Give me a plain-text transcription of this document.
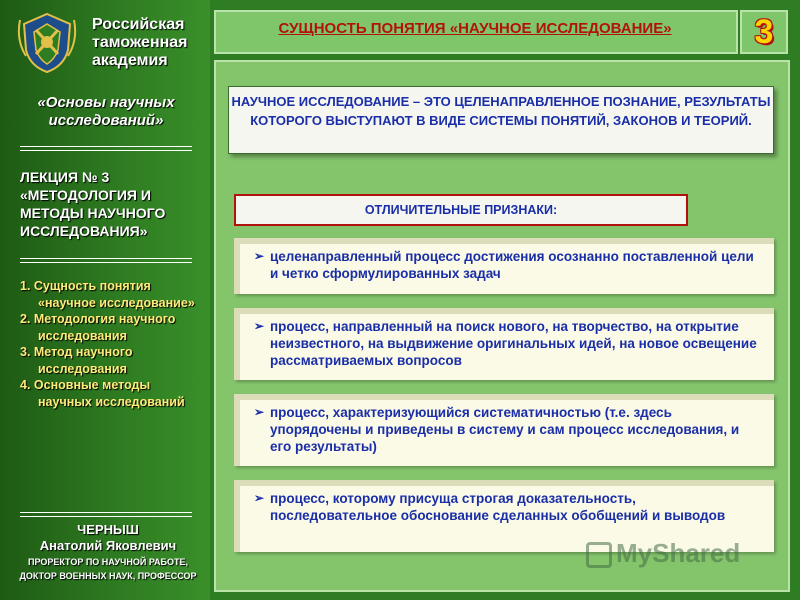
Российская таможенная академия
«Основы научных исследований»
ЛЕКЦИЯ № 3 «МЕТОДОЛОГИЯ И МЕТОДЫ НАУЧНОГО ИССЛЕДОВАНИЯ»
1. Сущность понятия «научное исследование»
2. Методология научного исследования
3. Метод научного исследования
4. Основные методы научных исследований
ЧЕРНЫШ
Анатолий Яковлевич
ПРОРЕКТОР ПО НАУЧНОЙ РАБОТЕ,
ДОКТОР ВОЕННЫХ НАУК, ПРОФЕССОР
СУЩНОСТЬ ПОНЯТИЯ «НАУЧНОЕ ИССЛЕДОВАНИЕ»	3
НАУЧНОЕ ИССЛЕДОВАНИЕ – ЭТО ЦЕЛЕНАПРАВЛЕННОЕ ПОЗНАНИЕ, РЕЗУЛЬТАТЫ КОТОРОГО ВЫСТУПАЮТ В ВИДЕ СИСТЕМЫ ПОНЯТИЙ, ЗАКОНОВ И ТЕОРИЙ.
ОТЛИЧИТЕЛЬНЫЕ ПРИЗНАКИ:
➢ целенаправленный процесс достижения осознанно поставленной цели и четко сформулированных задач
➢ процесс, направленный на поиск нового, на творчество, на открытие неизвестного, на выдвижение оригинальных идей, на новое освещение рассматриваемых вопросов
➢ процесс, характеризующийся систематичностью (т.е. здесь упорядочены и приведены в систему и сам процесс исследования, и его результаты)
➢ процесс, которому присуща строгая доказательность, последовательное обоснование сделанных обобщений и выводов
MyShared
